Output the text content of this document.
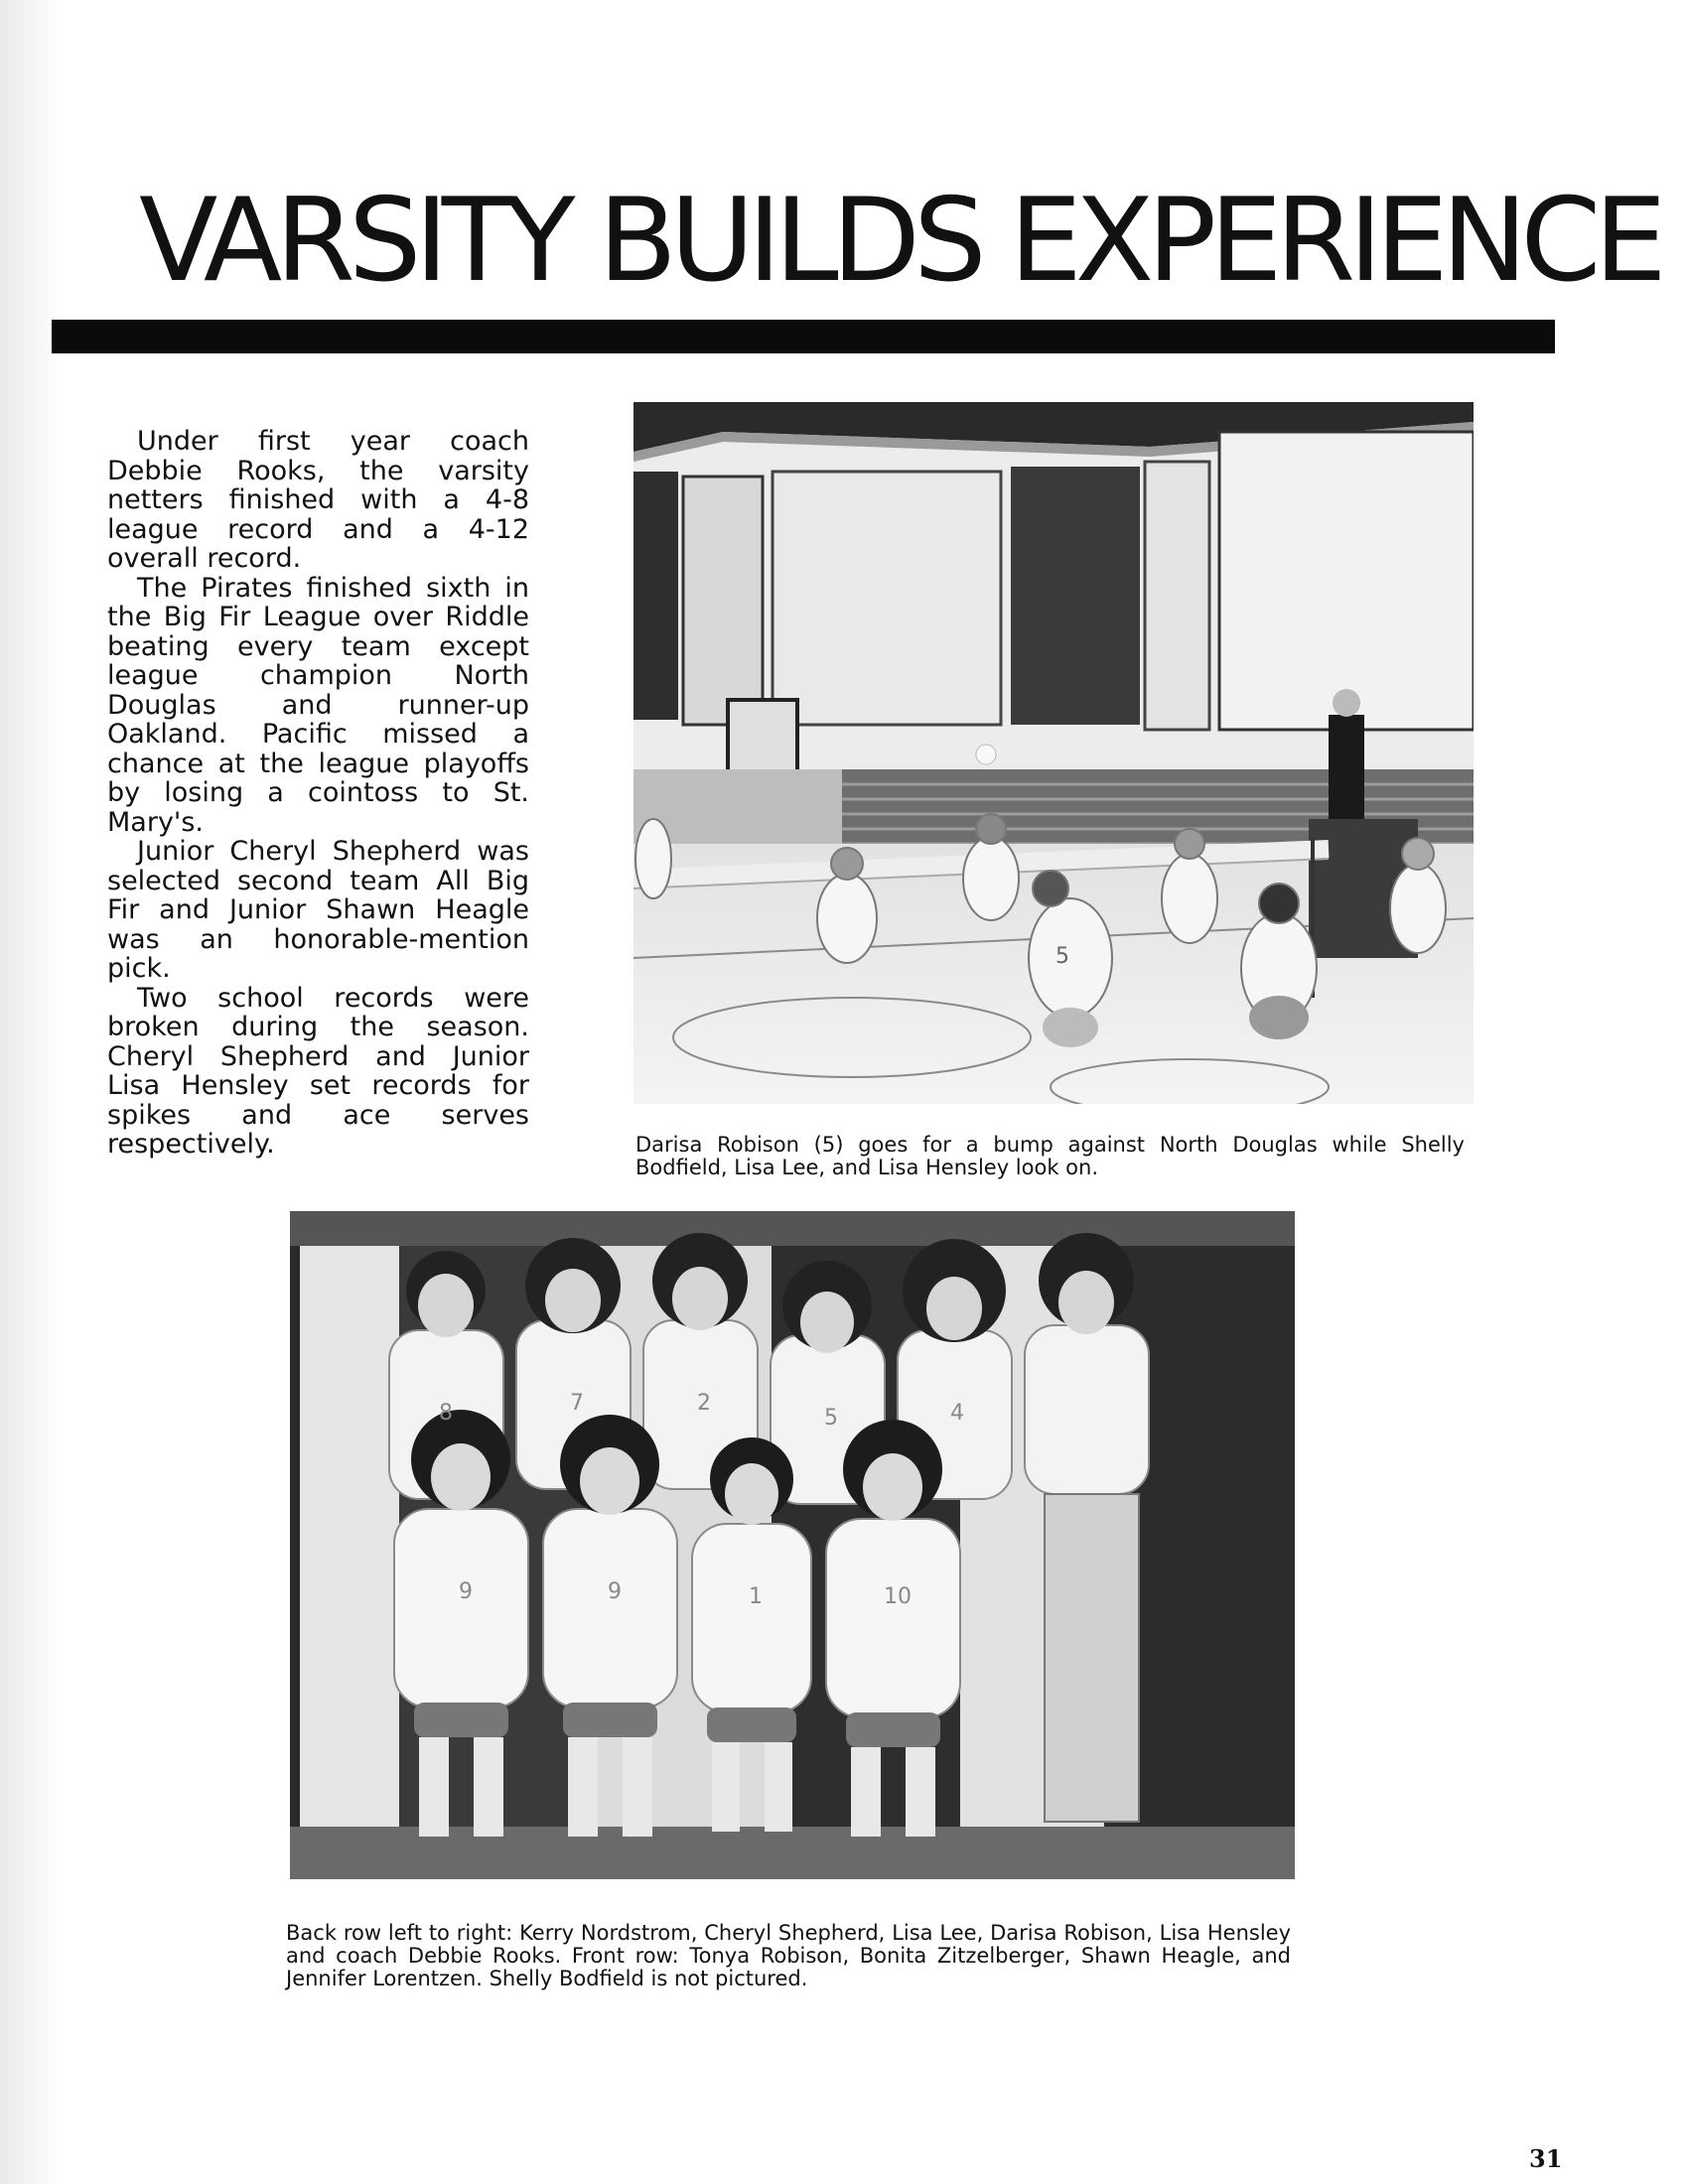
VARSITY BUILDS EXPERIENCE

Under first year coach Debbie Rooks, the varsity netters finished with a 4-8 league record and a 4-12 overall record.

The Pirates finished sixth in the Big Fir League over Riddle beating every team except league champion North Douglas and runner-up Oakland. Pacific missed a chance at the league playoffs by losing a cointoss to St. Mary's.

Junior Cheryl Shepherd was selected second team All Big Fir and Junior Shawn Heagle was an honorable-mention pick.

Two school records were broken during the season. Cheryl Shepherd and Junior Lisa Hensley set records for spikes and ace serves respectively.

5

Darisa Robison (5) goes for a bump against North Douglas while Shelly Bodfield, Lisa Lee, and Lisa Hensley look on.

8	7	2
5	4
9	9	1	10

Back row left to right: Kerry Nordstrom, Cheryl Shepherd, Lisa Lee, Darisa Robison, Lisa Hensley and coach Debbie Rooks. Front row: Tonya Robison, Bonita Zitzelberger, Shawn Heagle, and Jennifer Lorentzen. Shelly Bodfield is not pictured.

31
